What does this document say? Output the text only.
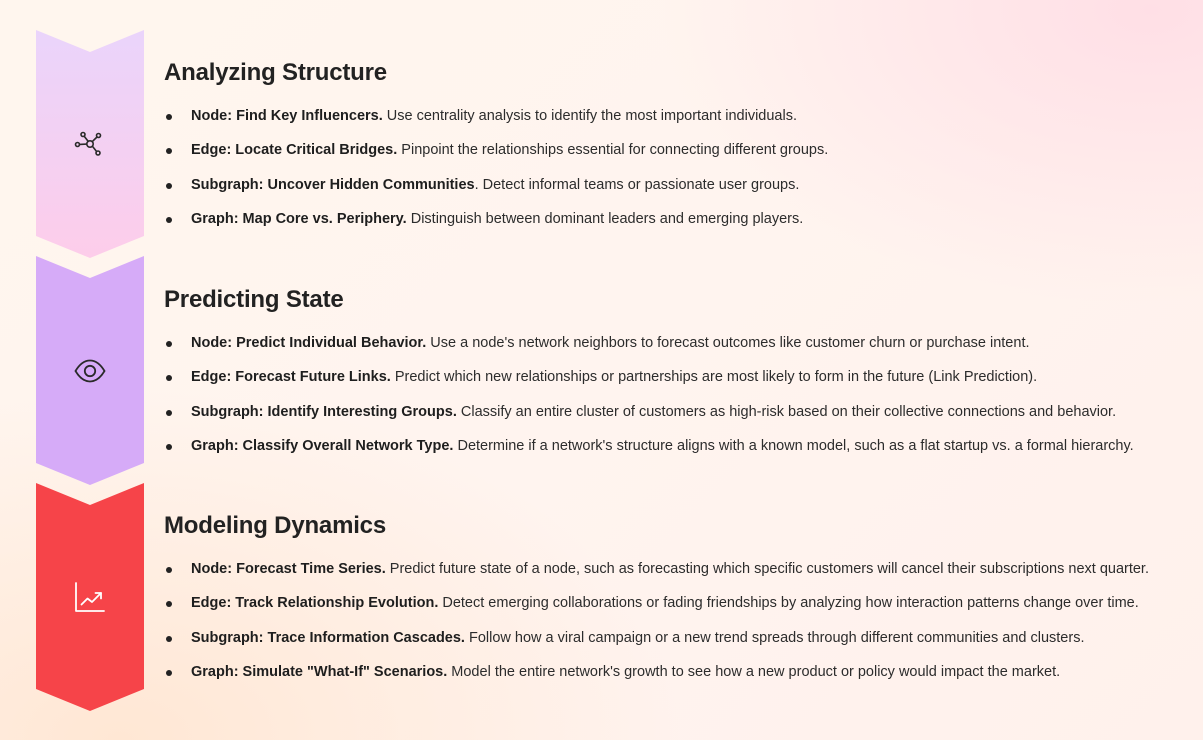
Analyzing Structure
Node: Find Key Influencers. Use centrality analysis to identify the most important individuals.
Edge: Locate Critical Bridges. Pinpoint the relationships essential for connecting different groups.
Subgraph: Uncover Hidden Communities. Detect informal teams or passionate user groups.
Graph: Map Core vs. Periphery. Distinguish between dominant leaders and emerging players.
Predicting State
Node: Predict Individual Behavior. Use a node's network neighbors to forecast outcomes like customer churn or purchase intent.
Edge: Forecast Future Links. Predict which new relationships or partnerships are most likely to form in the future (Link Prediction).
Subgraph: Identify Interesting Groups. Classify an entire cluster of customers as high-risk based on their collective connections and behavior.
Graph: Classify Overall Network Type. Determine if a network's structure aligns with a known model, such as a flat startup vs. a formal hierarchy.
Modeling Dynamics
Node: Forecast Time Series. Predict future state of a node, such as forecasting which specific customers will cancel their subscriptions next quarter.
Edge: Track Relationship Evolution. Detect emerging collaborations or fading friendships by analyzing how interaction patterns change over time.
Subgraph: Trace Information Cascades. Follow how a viral campaign or a new trend spreads through different communities and clusters.
Graph: Simulate "What-If" Scenarios. Model the entire network's growth to see how a new product or policy would impact the market.
